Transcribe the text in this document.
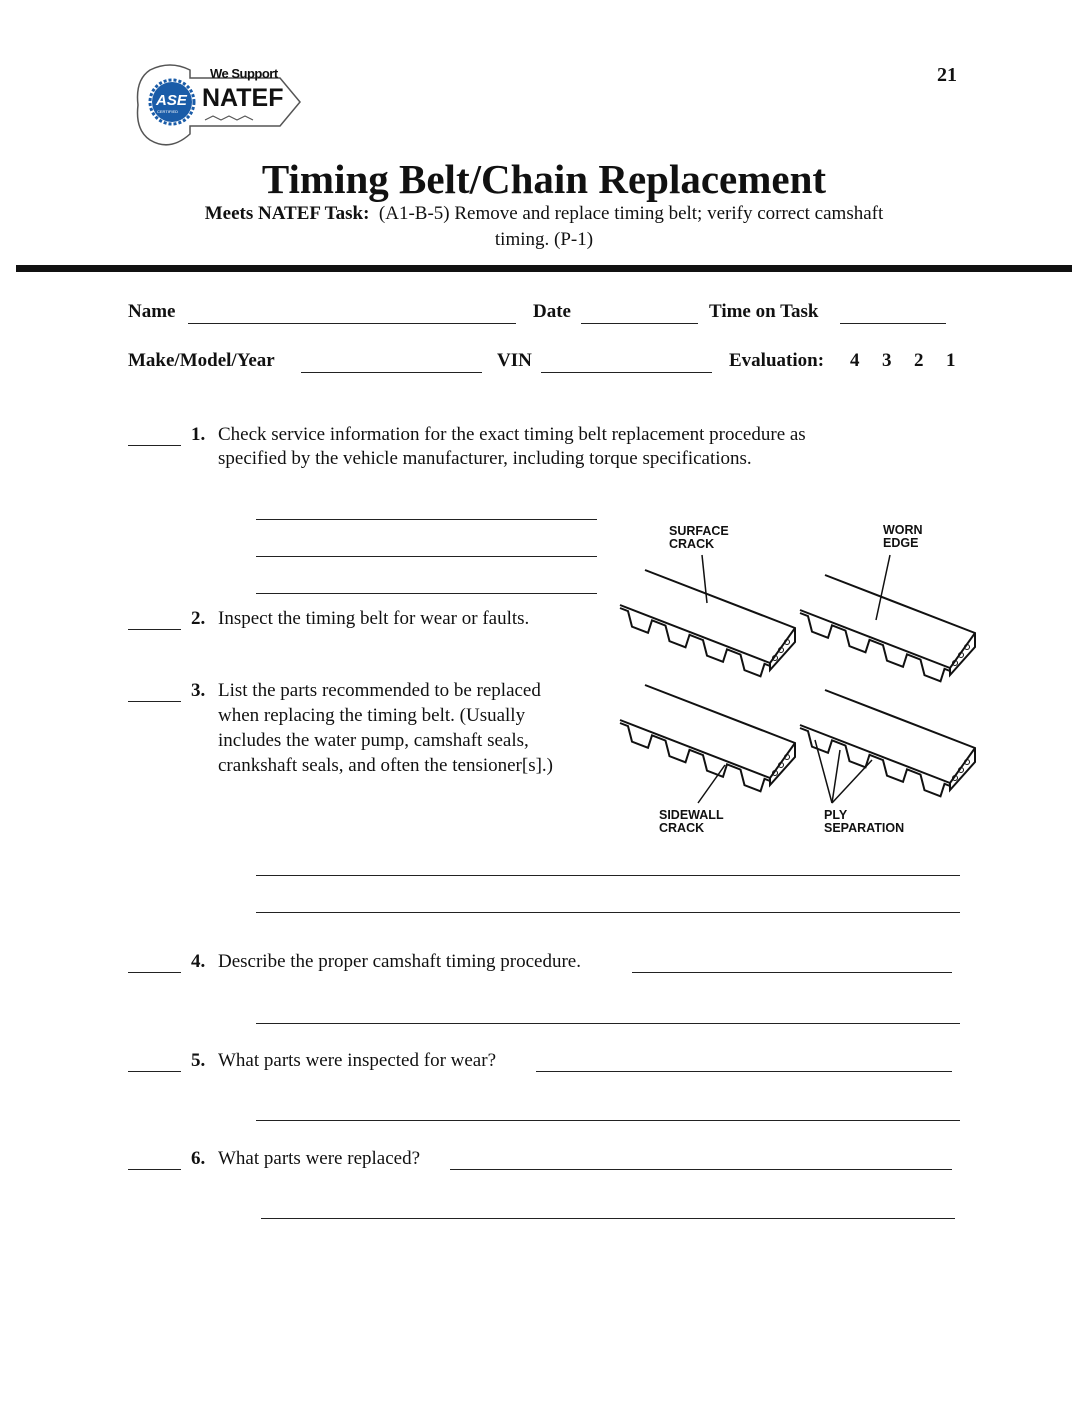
21
ASE
CERTIFIED
We Support
NATEF
Timing Belt/Chain Replacement
Meets NATEF Task: (A1-B-5) Remove and replace timing belt; verify correct camshaft
timing. (P-1)
Name	Date	Time on Task
Make/Model/Year	VIN	Evaluation: 4 3 2 1
1. Check service information for the exact timing belt replacement procedure as
specified by the vehicle manufacturer, including torque specifications.
2. Inspect the timing belt for wear or faults.
3. List the parts recommended to be replaced
when replacing the timing belt. (Usually
includes the water pump, camshaft seals,
crankshaft seals, and often the tensioner[s].)
SURFACE
CRACK
WORN
EDGE
SIDEWALL
CRACK
PLY
SEPARATION
4. Describe the proper camshaft timing procedure.
5. What parts were inspected for wear?
6. What parts were replaced?
